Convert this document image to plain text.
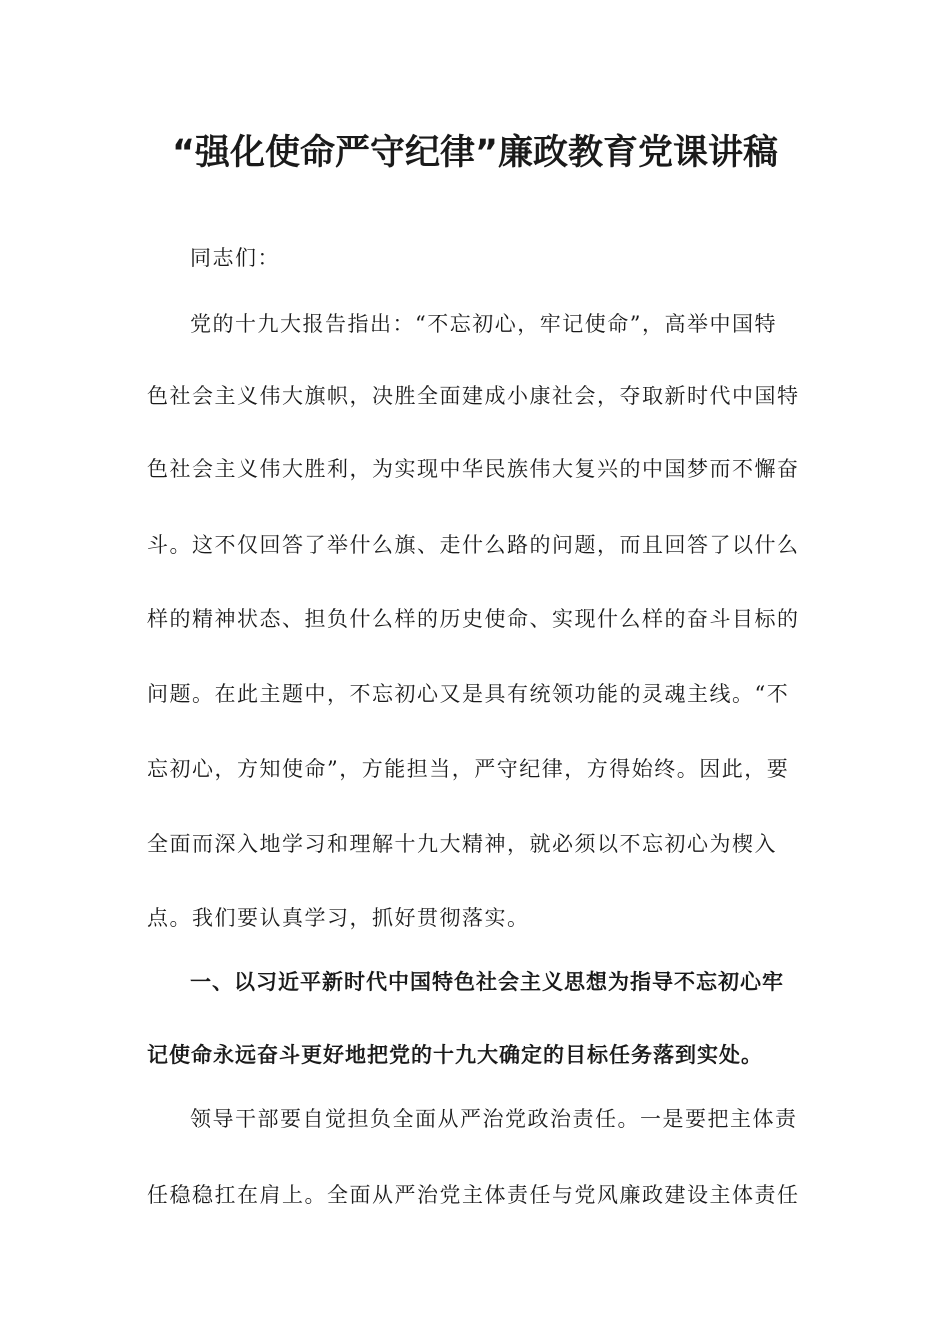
“强化使命严守纪律”廉政教育党课讲稿
同志们：
党的十九大报告指出：“不忘初心，牢记使命”，高举中国特
色社会主义伟大旗帜，决胜全面建成小康社会，夺取新时代中国特
色社会主义伟大胜利，为实现中华民族伟大复兴的中国梦而不懈奋
斗。这不仅回答了举什么旗、走什么路的问题，而且回答了以什么
样的精神状态、担负什么样的历史使命、实现什么样的奋斗目标的
问题。在此主题中，不忘初心又是具有统领功能的灵魂主线。“不
忘初心，方知使命”，方能担当，严守纪律，方得始终。因此，要
全面而深入地学习和理解十九大精神，就必须以不忘初心为楔入
点。我们要认真学习，抓好贯彻落实。
一、以习近平新时代中国特色社会主义思想为指导不忘初心牢
记使命永远奋斗更好地把党的十九大确定的目标任务落到实处。
领导干部要自觉担负全面从严治党政治责任。一是要把主体责
任稳稳扛在肩上。全面从严治党主体责任与党风廉政建设主体责任
